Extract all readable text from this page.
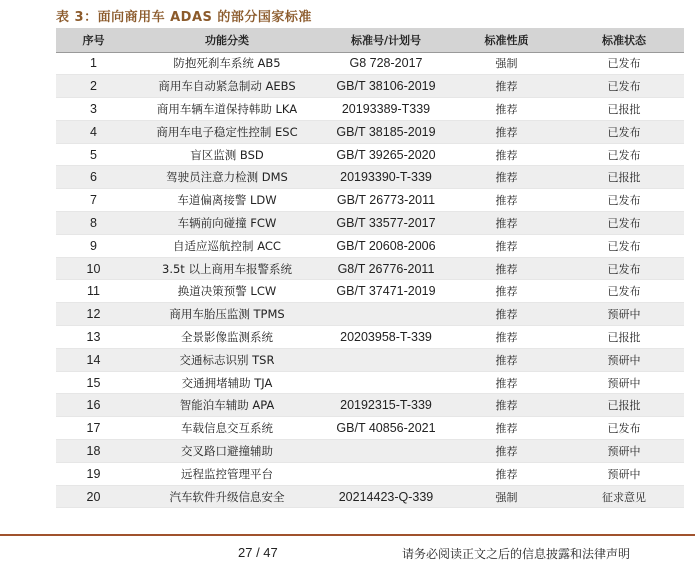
表 3：面向商用车 ADAS 的部分国家标准
序号	功能分类	标准号/计划号	标准性质	标准状态
1	防抱死刹车系统 AB5	G8 728-2017	强制	已发布
2	商用车自动紧急制动 AEBS	GB/T 38106-2019	推荐	已发布
3	商用车辆车道保持韩助 LKA	20193389-T339	推荐	已报批
4	商用车电子稳定性控制 ESC	GB/T 38185-2019	推荐	已发布
5	盲区监测 BSD	GB/T 39265-2020	推荐	已发布
6	驾驶员注意力检测 DMS	20193390-T-339	推荐	已报批
7	车道偏离接警 LDW	GB/T 26773-2011	推荐	已发布
8	车辆前向碰撞 FCW	GB/T 33577-2017	推荐	已发布
9	自适应巡航控制 ACC	GB/T 20608-2006	推荐	已发布
10	3.5t 以上商用车报警系统	G8/T 26776-2011	推荐	已发布
11	换道决策预警 LCW	GB/T 37471-2019	推荐	已发布
12	商用车胎压监测 TPMS		推荐	预研中
13	全景影像监测系统	20203958-T-339	推荐	已报批
14	交通标志识别 TSR		推荐	预研中
15	交通拥堵辅助 TJA		推荐	预研中
16	智能泊车辅助 APA	20192315-T-339	推荐	已报批
17	车载信息交互系统	GB/T 40856-2021	推荐	已发布
18	交叉路口避撞辅助		推荐	预研中
19	远程监控管理平台		推荐	预研中
20	汽车软件升级信息安全	20214423-Q-339	强制	征求意见
27 / 47	请务必阅读正文之后的信息披露和法律声明
